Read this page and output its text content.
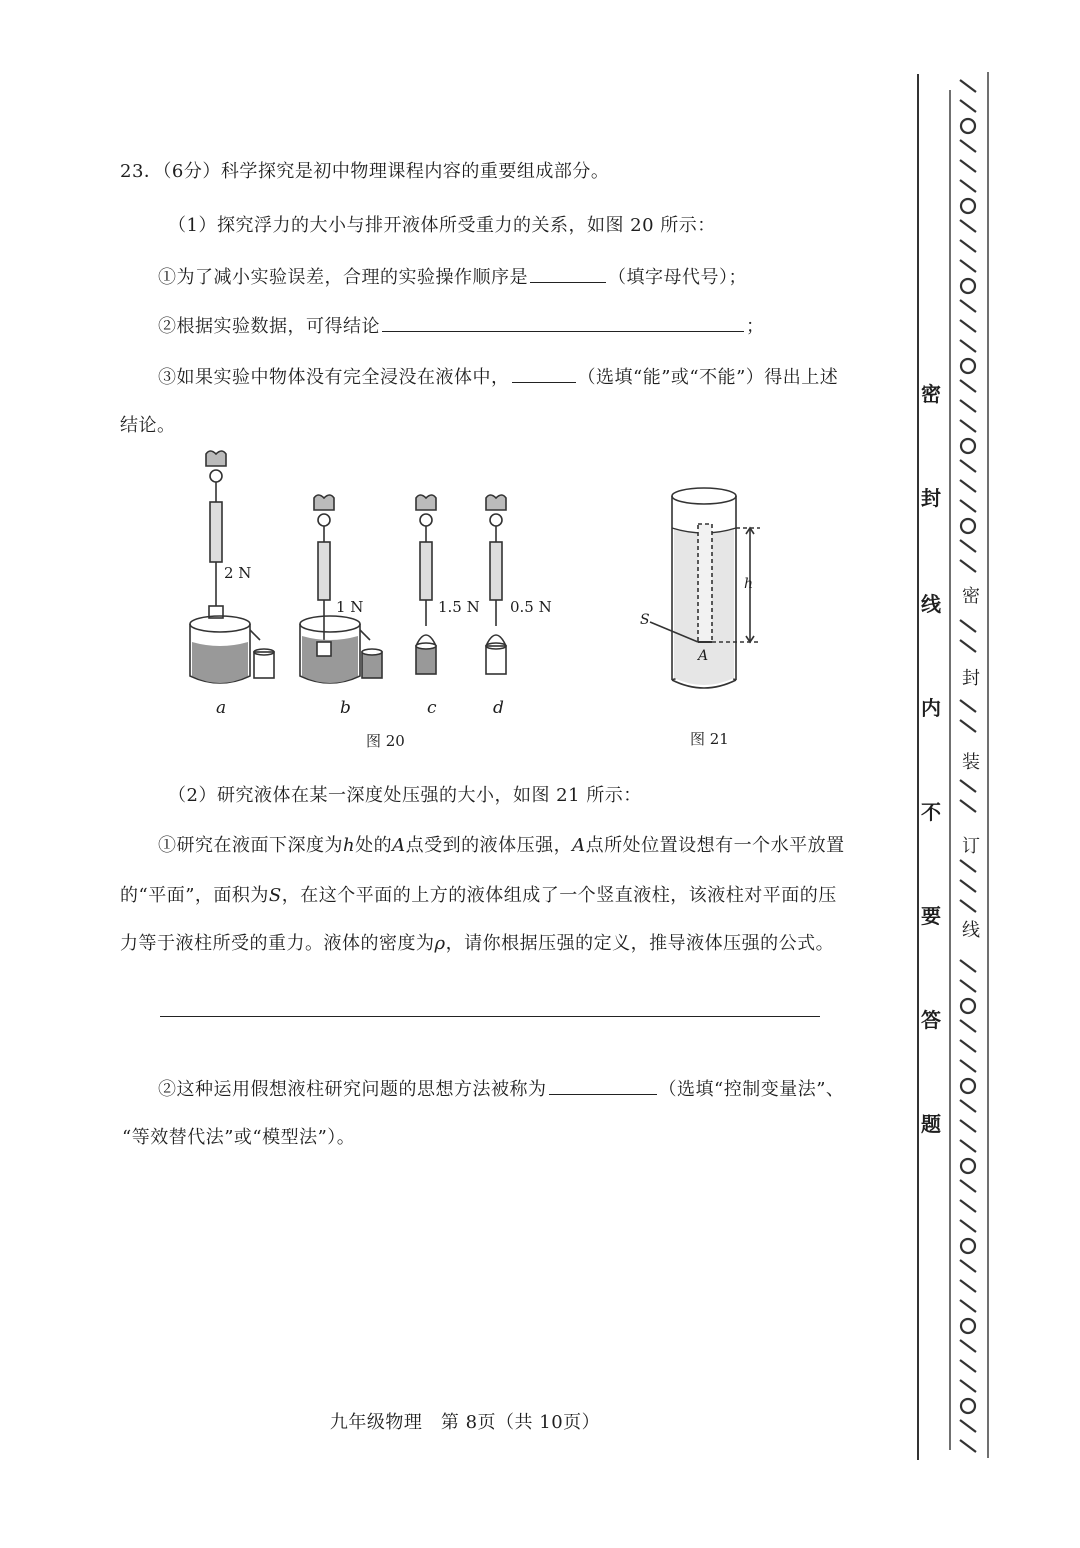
23．（6分）科学探究是初中物理课程内容的重要组成部分。
（1）探究浮力的大小与排开液体所受重力的关系，如图 20 所示：
①为了减小实验误差，合理的实验操作顺序是	（填字母代号）；
②根据实验数据，可得结论	；
③如果实验中物体没有完全浸没在液体中，	（选填“能”或“不能”）得出上述
结论。
2 N
1 N	1.5 N 0.5 N
a	b	c	d
图 20
h
S
A
图 21
（2）研究液体在某一深度处压强的大小，如图 21 所示：
①研究在液面下深度为h处的A点受到的液体压强，A点所处位置设想有一个水平放置
的“平面”，面积为S，在这个平面的上方的液体组成了一个竖直液柱，该液柱对平面的压
力等于液柱所受的重力。液体的密度为ρ，请你根据压强的定义，推导液体压强的公式。
②这种运用假想液柱研究问题的思想方法被称为	（选填“控制变量法”、
“等效替代法”或“模型法”）。
九年级物理　第 8页（共 10页）
密
封
线
内
不
要
答
题
密
封
装
订
线
